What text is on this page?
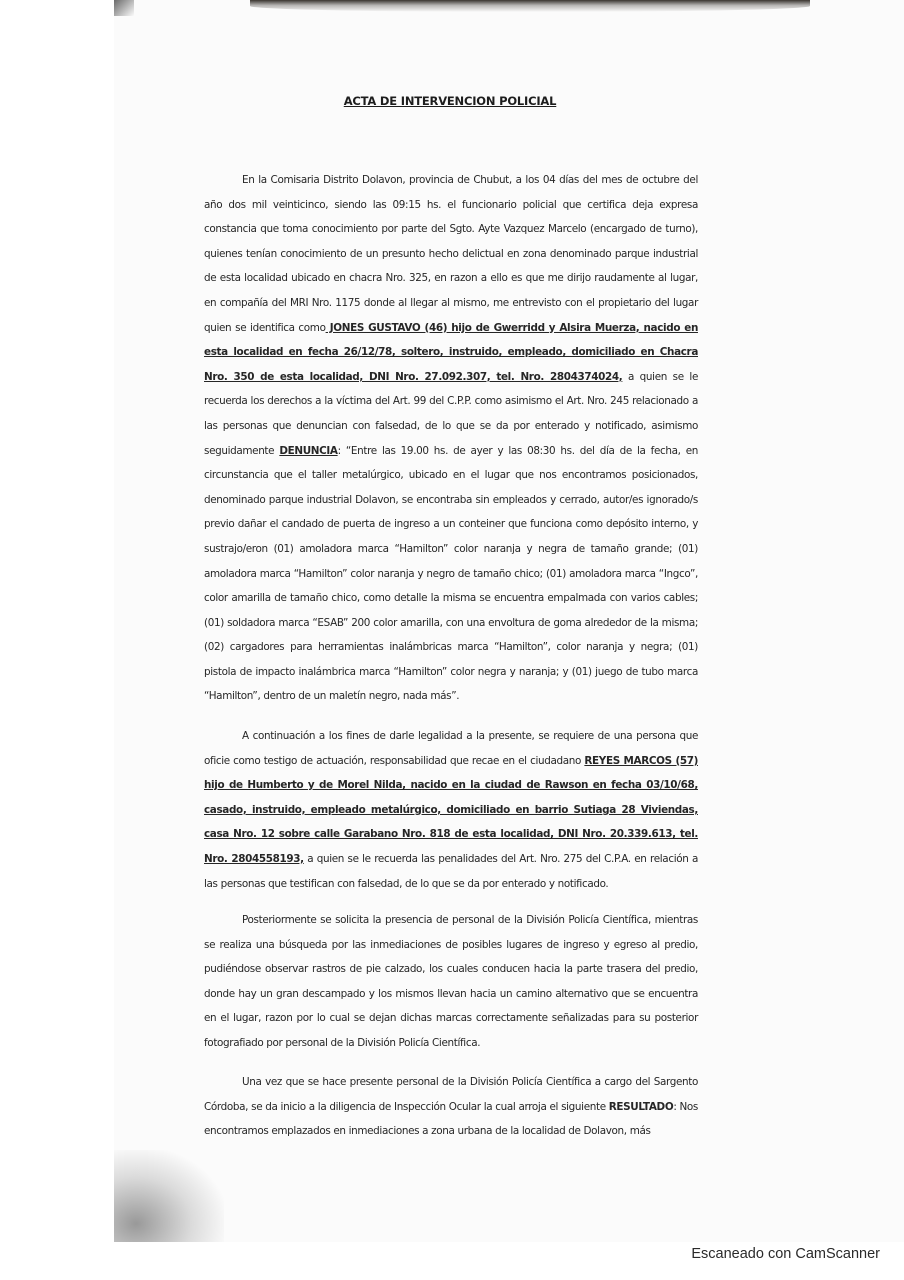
ACTA DE INTERVENCION POLICIAL

En la Comisaria Distrito Dolavon, provincia de Chubut, a los 04 días del mes de octubre del año dos mil veinticinco, siendo las 09:15 hs. el funcionario policial que certifica deja expresa constancia que toma conocimiento por parte del Sgto. Ayte Vazquez Marcelo (encargado de turno), quienes tenían conocimiento de un presunto hecho delictual en zona denominado parque industrial de esta localidad ubicado en chacra Nro. 325, en razon a ello es que me dirijo raudamente al lugar, en compañía del MRI Nro. 1175 donde al llegar al mismo, me entrevisto con el propietario del lugar quien se identifica como JONES GUSTAVO (46) hijo de Gwerridd y Alsira Muerza, nacido en esta localidad en fecha 26/12/78, soltero, instruido, empleado, domiciliado en Chacra Nro. 350 de esta localidad, DNI Nro. 27.092.307, tel. Nro. 2804374024, a quien se le recuerda los derechos a la víctima del Art. 99 del C.P.P. como asimismo el Art. Nro. 245 relacionado a las personas que denuncian con falsedad, de lo que se da por enterado y notificado, asimismo seguidamente DENUNCIA: “Entre las 19.00 hs. de ayer y las 08:30 hs. del día de la fecha, en circunstancia que el taller metalúrgico, ubicado en el lugar que nos encontramos posicionados, denominado parque industrial Dolavon, se encontraba sin empleados y cerrado, autor/es ignorado/s previo dañar el candado de puerta de ingreso a un conteiner que funciona como depósito interno, y sustrajo/eron (01) amoladora marca “Hamilton” color naranja y negra de tamaño grande; (01) amoladora marca “Hamilton” color naranja y negro de tamaño chico; (01) amoladora marca “Ingco”, color amarilla de tamaño chico, como detalle la misma se encuentra empalmada con varios cables; (01) soldadora marca “ESAB” 200 color amarilla, con una envoltura de goma alrededor de la misma; (02) cargadores para herramientas inalámbricas marca “Hamilton”, color naranja y negra; (01) pistola de impacto inalámbrica marca “Hamilton” color negra y naranja; y (01) juego de tubo marca “Hamilton”, dentro de un maletín negro, nada más”.

A continuación a los fines de darle legalidad a la presente, se requiere de una persona que oficie como testigo de actuación, responsabilidad que recae en el ciudadano REYES MARCOS (57) hijo de Humberto y de Morel Nilda, nacido en la ciudad de Rawson en fecha 03/10/68, casado, instruido, empleado metalúrgico, domiciliado en barrio Sutiaga 28 Viviendas, casa Nro. 12 sobre calle Garabano Nro. 818 de esta localidad, DNI Nro. 20.339.613, tel. Nro. 2804558193, a quien se le recuerda las penalidades del Art. Nro. 275 del C.P.A. en relación a las personas que testifican con falsedad, de lo que se da por enterado y notificado.

Posteriormente se solicita la presencia de personal de la División Policía Científica, mientras se realiza una búsqueda por las inmediaciones de posibles lugares de ingreso y egreso al predio, pudiéndose observar rastros de pie calzado, los cuales conducen hacia la parte trasera del predio, donde hay un gran descampado y los mismos llevan hacia un camino alternativo que se encuentra en el lugar, razon por lo cual se dejan dichas marcas correctamente señalizadas para su posterior fotografiado por personal de la División Policía Científica.

Una vez que se hace presente personal de la División Policía Científica a cargo del Sargento Córdoba, se da inicio a la diligencia de Inspección Ocular la cual arroja el siguiente RESULTADO: Nos encontramos emplazados en inmediaciones a zona urbana de la localidad de Dolavon, más

Escaneado con CamScanner
